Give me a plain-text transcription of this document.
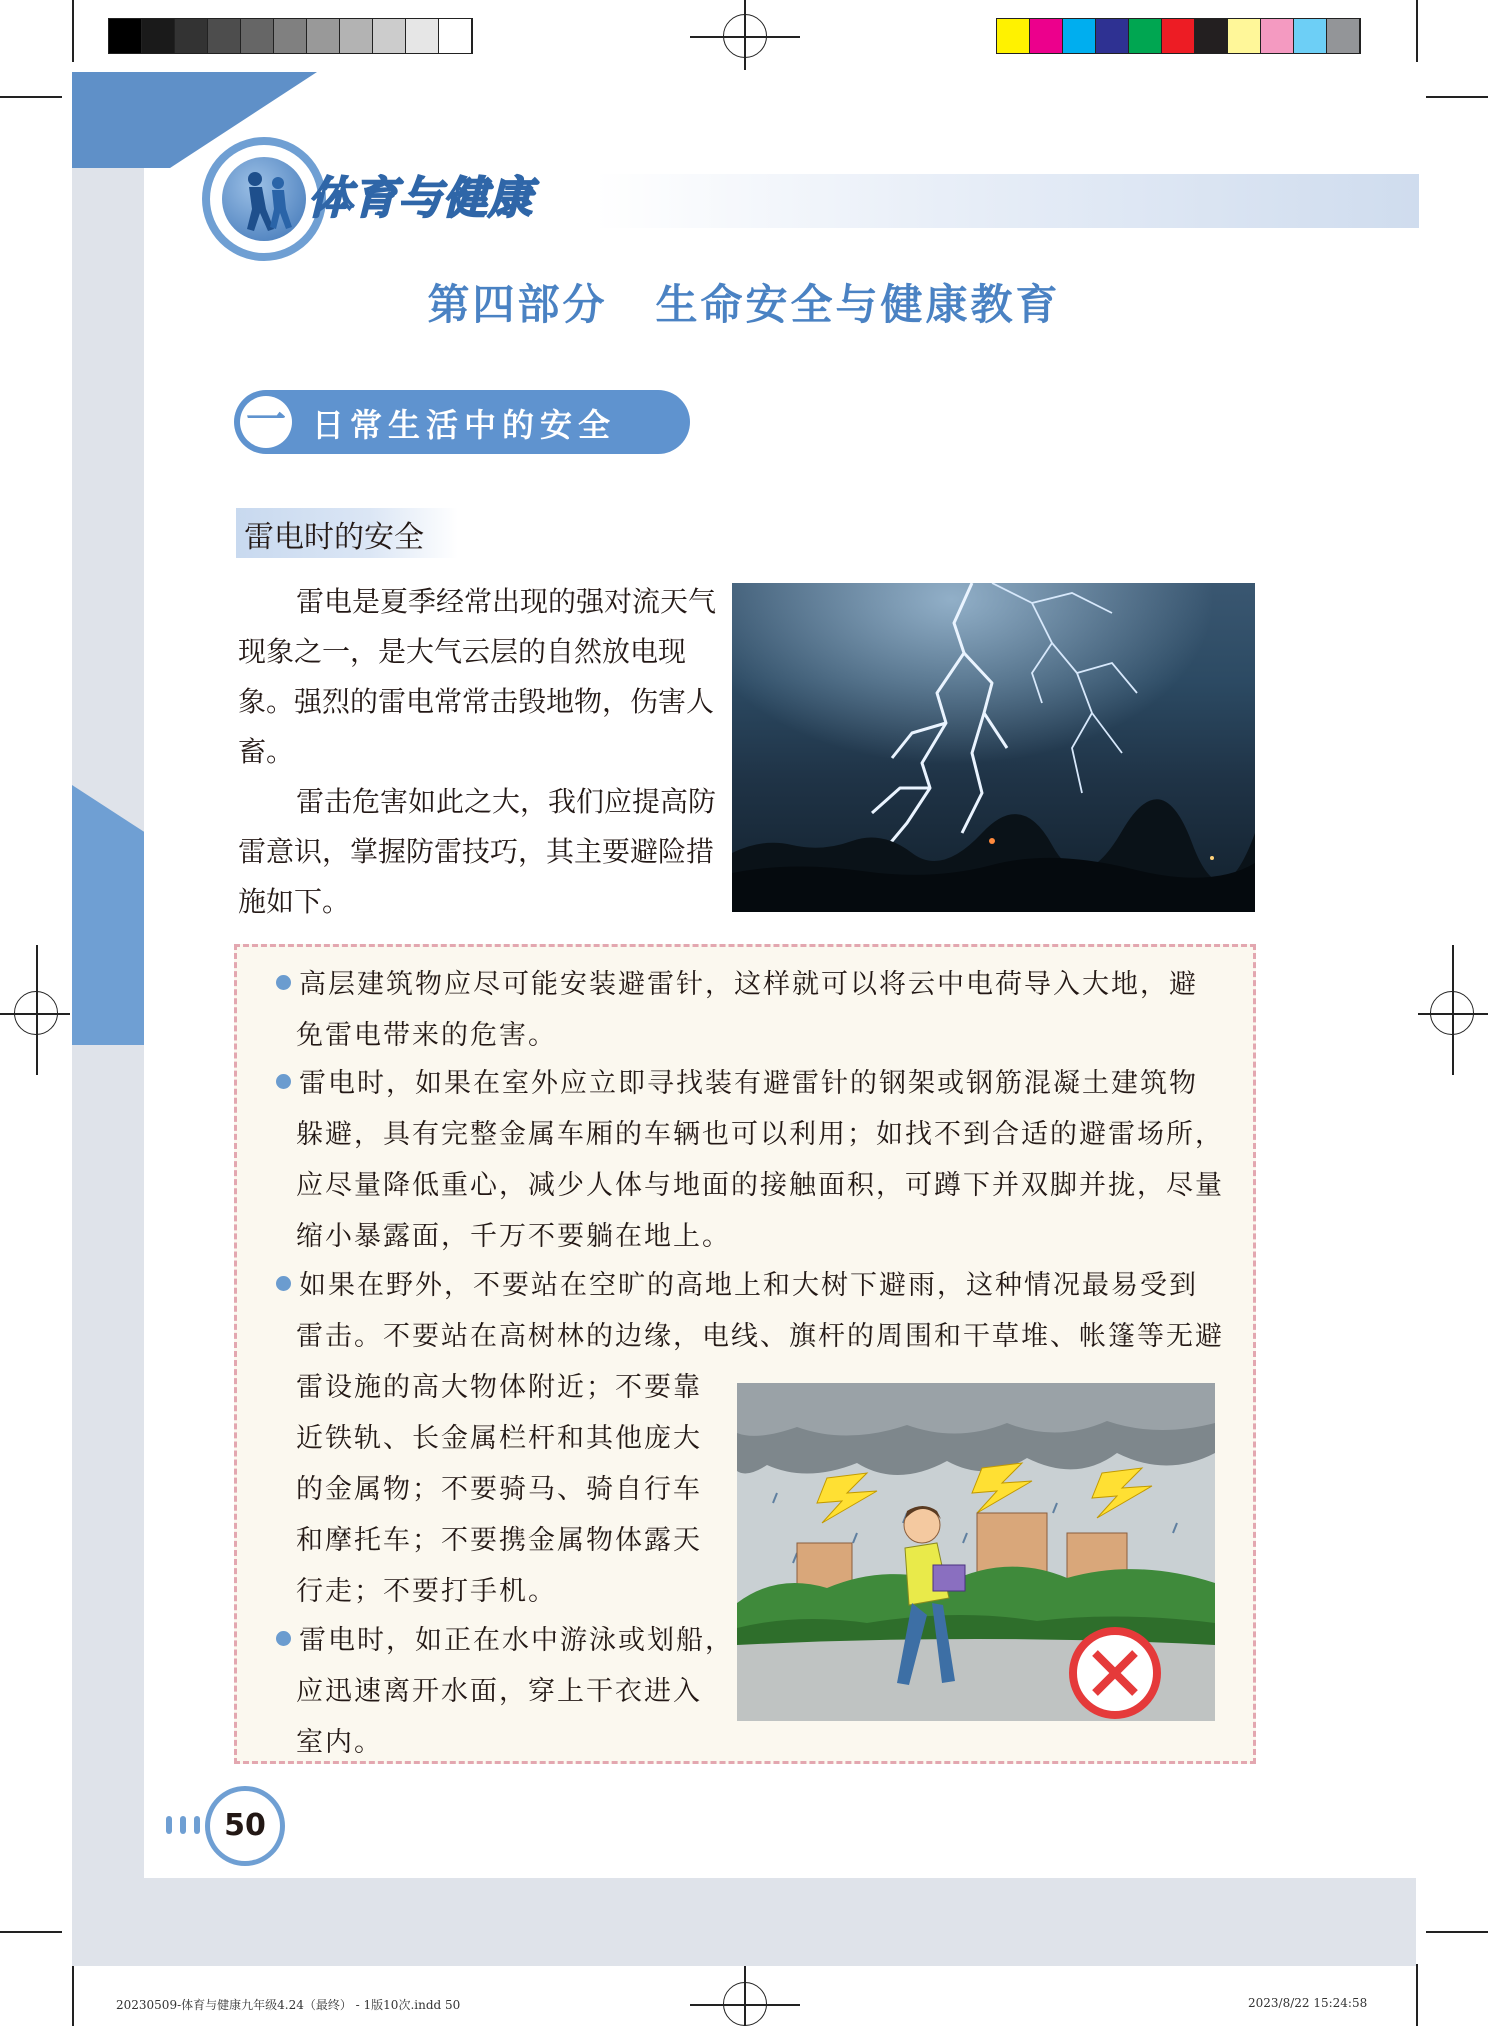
体育与健康
第四部分 生命安全与健康教育
一 日常生活中的安全
雷电时的安全
雷电是夏季经常出现的强对流天气现象之一，是大气云层的自然放电现象。强烈的雷电常常击毁地物，伤害人畜。
雷击危害如此之大，我们应提高防雷意识，掌握防雷技巧，其主要避险措施如下。
高层建筑物应尽可能安装避雷针，这样就可以将云中电荷导入大地，避
免雷电带来的危害。
雷电时，如果在室外应立即寻找装有避雷针的钢架或钢筋混凝土建筑物
躲避，具有完整金属车厢的车辆也可以利用；如找不到合适的避雷场所，
应尽量降低重心，减少人体与地面的接触面积，可蹲下并双脚并拢，尽量
缩小暴露面，千万不要躺在地上。
如果在野外，不要站在空旷的高地上和大树下避雨，这种情况最易受到
雷击。不要站在高树林的边缘，电线、旗杆的周围和干草堆、帐篷等无避
雷设施的高大物体附近；不要靠
近铁轨、长金属栏杆和其他庞大
的金属物；不要骑马、骑自行车
和摩托车；不要携金属物体露天
行走；不要打手机。
雷电时，如正在水中游泳或划船，
应迅速离开水面，穿上干衣进入
室内。
50
20230509-体育与健康九年级4.24（最终） - 1版10次.indd 50	2023/8/22 15:24:58
